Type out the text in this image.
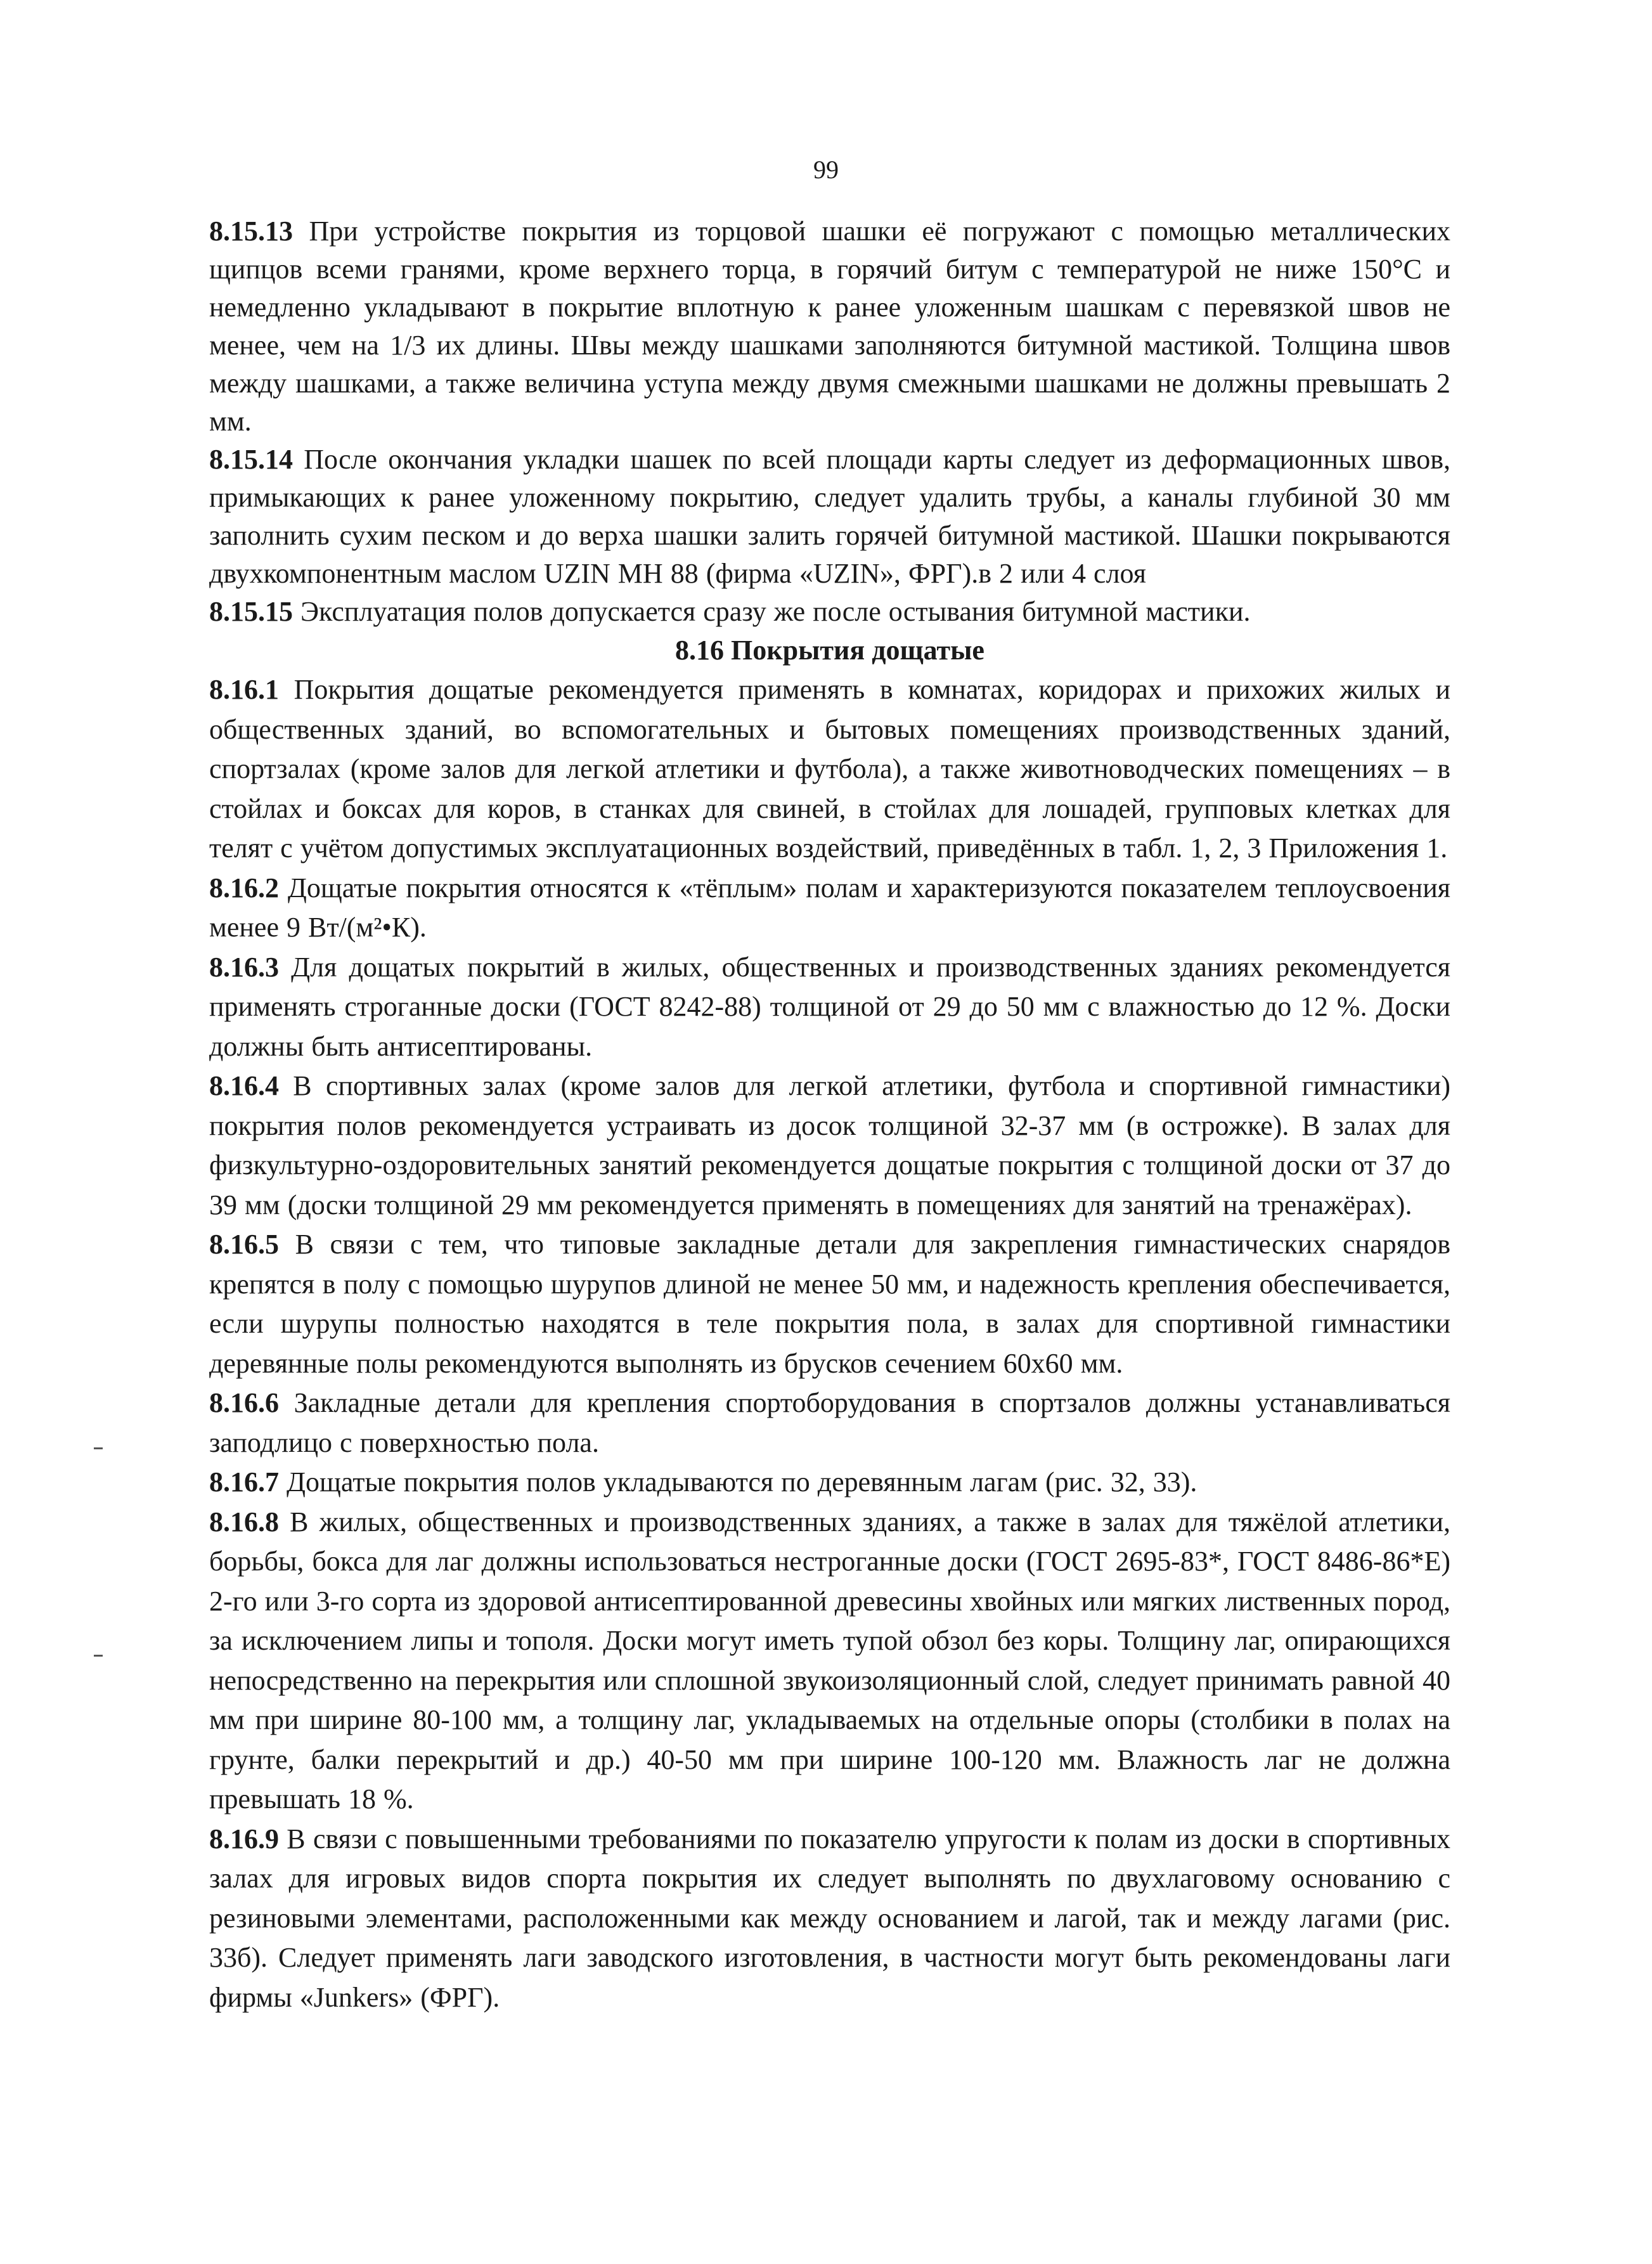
99

8.15.13 При устройстве покрытия из торцовой шашки её погружают с помощью металлических щипцов всеми гранями, кроме верхнего торца, в горячий битум с температурой не ниже 150°С и немедленно укладывают в покрытие вплотную к ранее уложенным шашкам с перевязкой швов не менее, чем на 1/3 их длины. Швы между шашками заполняются битумной мастикой. Толщина швов между шашками, а также величина уступа между двумя смежными шашками не должны превышать 2 мм.

8.15.14 После окончания укладки шашек по всей площади карты следует из деформационных швов, примыкающих к ранее уложенному покрытию, следует удалить трубы, а каналы глубиной 30 мм заполнить сухим песком и до верха шашки залить горячей битумной мастикой. Шашки покрываются двухкомпонентным маслом UZIN MH 88 (фирма «UZIN», ФРГ).в 2 или 4 слоя

8.15.15 Эксплуатация полов допускается сразу же после остывания битумной мастики.

8.16 Покрытия дощатые

8.16.1 Покрытия дощатые рекомендуется применять в комнатах, коридорах и прихожих жилых и общественных зданий, во вспомогательных и бытовых помещениях производственных зданий, спортзалах (кроме залов для легкой атлетики и футбола), а также животноводческих помещениях – в стойлах и боксах для коров, в станках для свиней, в стойлах для лошадей, групповых клетках для телят с учётом допустимых эксплуатационных воздействий, приведённых в табл. 1, 2, 3 Приложения 1.

8.16.2 Дощатые покрытия относятся к «тёплым» полам и характеризуются показателем теплоусвоения менее 9 Вт/(м²•К).

8.16.3 Для дощатых покрытий в жилых, общественных и производственных зданиях рекомендуется применять строганные доски (ГОСТ 8242-88) толщиной от 29 до 50 мм с влажностью до 12 %. Доски должны быть антисептированы.

8.16.4 В спортивных залах (кроме залов для легкой атлетики, футбола и спортивной гимнастики) покрытия полов рекомендуется устраивать из досок толщиной 32-37 мм (в острожке). В залах для физкультурно-оздоровительных занятий рекомендуется дощатые покрытия с толщиной доски от 37 до 39 мм (доски толщиной 29 мм рекомендуется применять в помещениях для занятий на тренажёрах).

8.16.5 В связи с тем, что типовые закладные детали для закрепления гимнастических снарядов крепятся в полу с помощью шурупов длиной не менее 50 мм, и надежность крепления обеспечивается, если шурупы полностью находятся в теле покрытия пола, в залах для спортивной гимнастики деревянные полы рекомендуются выполнять из брусков сечением 60х60 мм.

8.16.6 Закладные детали для крепления спортоборудования в спортзалов должны устанавливаться заподлицо с поверхностью пола.

8.16.7 Дощатые покрытия полов укладываются по деревянным лагам (рис. 32, 33).

8.16.8 В жилых, общественных и производственных зданиях, а также в залах для тяжёлой атлетики, борьбы, бокса для лаг должны использоваться нестроганные доски (ГОСТ 2695-83*, ГОСТ 8486-86*Е) 2-го или 3-го сорта из здоровой антисептированной древесины хвойных или мягких лиственных пород, за исключением липы и тополя. Доски могут иметь тупой обзол без коры. Толщину лаг, опирающихся непосредственно на перекрытия или сплошной звукоизоляционный слой, следует принимать равной 40 мм при ширине 80-100 мм, а толщину лаг, укладываемых на отдельные опоры (столбики в полах на грунте, балки перекрытий и др.) 40-50 мм при ширине 100-120 мм. Влажность лаг не должна превышать 18 %.

8.16.9 В связи с повышенными требованиями по показателю упругости к полам из доски в спортивных залах для игровых видов спорта покрытия их следует выполнять по двухлаговому основанию с резиновыми элементами, расположенными как между основанием и лагой, так и между лагами (рис. 33б). Следует применять лаги заводского изготовления, в частности могут быть рекомендованы лаги фирмы «Junkers» (ФРГ).
